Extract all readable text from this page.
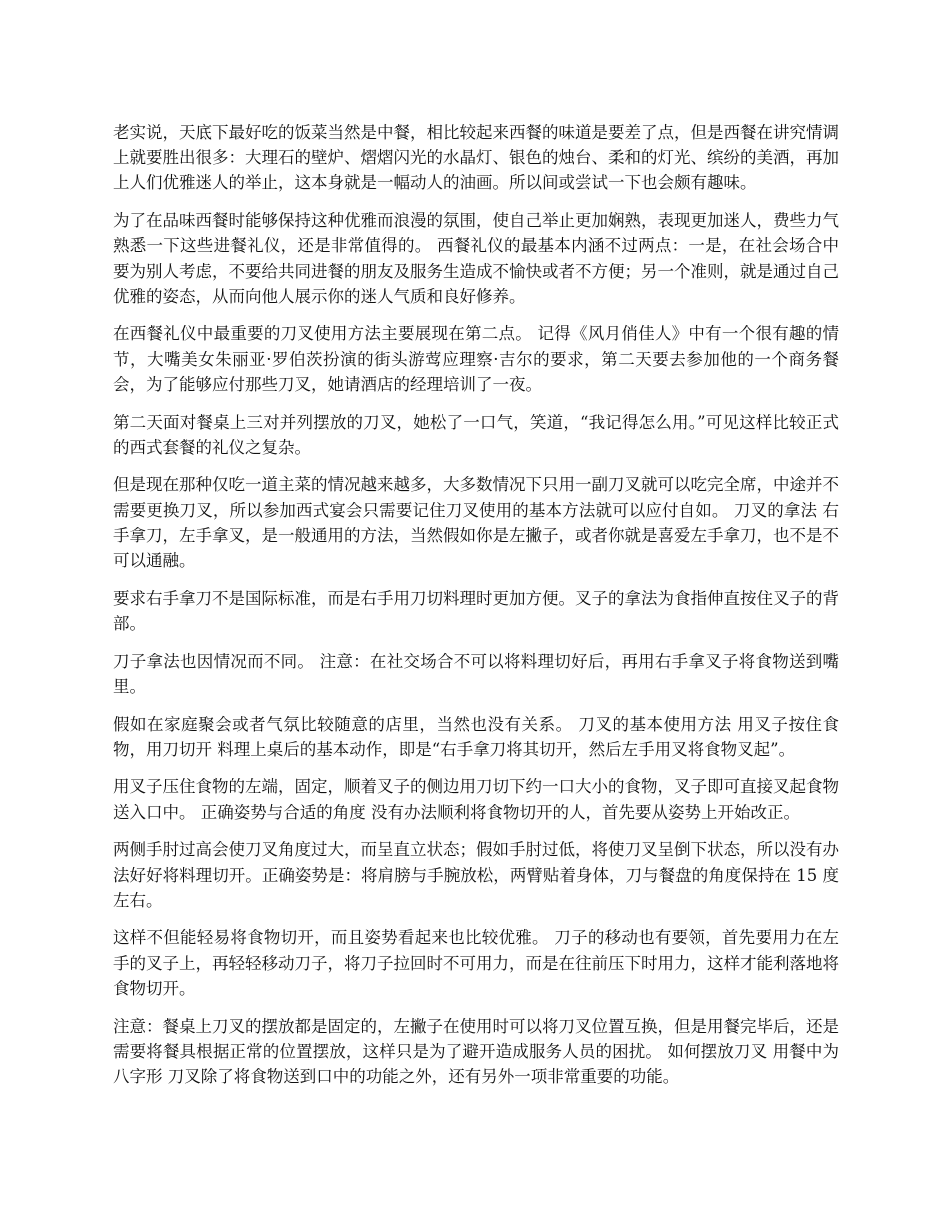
老实说，天底下最好吃的饭菜当然是中餐，相比较起来西餐的味道是要差了点，但是西餐在讲究情调上就要胜出很多：大理石的壁炉、熠熠闪光的水晶灯、银色的烛台、柔和的灯光、缤纷的美酒，再加上人们优雅迷人的举止，这本身就是一幅动人的油画。所以间或尝试一下也会颇有趣味。

为了在品味西餐时能够保持这种优雅而浪漫的氛围，使自己举止更加娴熟，表现更加迷人，费些力气熟悉一下这些进餐礼仪，还是非常值得的。 西餐礼仪的最基本内涵不过两点：一是，在社会场合中要为别人考虑，不要给共同进餐的朋友及服务生造成不愉快或者不方便；另一个准则，就是通过自己优雅的姿态，从而向他人展示你的迷人气质和良好修养。

在西餐礼仪中最重要的刀叉使用方法主要展现在第二点。 记得《风月俏佳人》中有一个很有趣的情节，大嘴美女朱丽亚·罗伯茨扮演的街头游莺应理察·吉尔的要求，第二天要去参加他的一个商务餐会，为了能够应付那些刀叉，她请酒店的经理培训了一夜。

第二天面对餐桌上三对并列摆放的刀叉，她松了一口气，笑道，“我记得怎么用。”可见这样比较正式的西式套餐的礼仪之复杂。

但是现在那种仅吃一道主菜的情况越来越多，大多数情况下只用一副刀叉就可以吃完全席，中途并不需要更换刀叉，所以参加西式宴会只需要记住刀叉使用的基本方法就可以应付自如。 刀叉的拿法 右手拿刀，左手拿叉，是一般通用的方法，当然假如你是左撇子，或者你就是喜爱左手拿刀，也不是不可以通融。

要求右手拿刀不是国际标准，而是右手用刀切料理时更加方便。叉子的拿法为食指伸直按住叉子的背部。

刀子拿法也因情况而不同。 注意：在社交场合不可以将料理切好后，再用右手拿叉子将食物送到嘴里。

假如在家庭聚会或者气氛比较随意的店里，当然也没有关系。 刀叉的基本使用方法 用叉子按住食物，用刀切开 料理上桌后的基本动作，即是“右手拿刀将其切开，然后左手用叉将食物叉起”。

用叉子压住食物的左端，固定，顺着叉子的侧边用刀切下约一口大小的食物，叉子即可直接叉起食物送入口中。 正确姿势与合适的角度 没有办法顺利将食物切开的人，首先要从姿势上开始改正。

两侧手肘过高会使刀叉角度过大，而呈直立状态；假如手肘过低，将使刀叉呈倒下状态，所以没有办法好好将料理切开。正确姿势是：将肩膀与手腕放松，两臂贴着身体，刀与餐盘的角度保持在 15 度左右。

这样不但能轻易将食物切开，而且姿势看起来也比较优雅。 刀子的移动也有要领，首先要用力在左手的叉子上，再轻轻移动刀子，将刀子拉回时不可用力，而是在往前压下时用力，这样才能利落地将食物切开。

注意：餐桌上刀叉的摆放都是固定的，左撇子在使用时可以将刀叉位置互换，但是用餐完毕后，还是需要将餐具根据正常的位置摆放，这样只是为了避开造成服务人员的困扰。 如何摆放刀叉 用餐中为八字形 刀叉除了将食物送到口中的功能之外，还有另外一项非常重要的功能。
